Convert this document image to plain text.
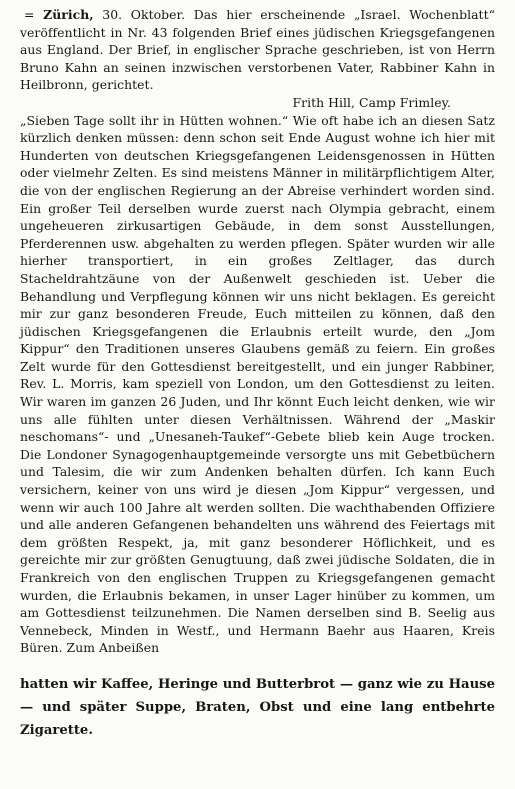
= Zürich, 30. Oktober. Das hier erscheinende „Israel. Wochenblatt“ veröffentlicht in Nr. 43 folgenden Brief eines jüdischen Kriegsgefangenen aus England. Der Brief, in englischer Sprache geschrieben, ist von Herrn Bruno Kahn an seinen inzwischen verstorbenen Vater, Rabbiner Kahn in Heilbronn, gerichtet.

Frith Hill, Camp Frimley.

„Sieben Tage sollt ihr in Hütten wohnen.“ Wie oft habe ich an diesen Satz kürzlich denken müssen: denn schon seit Ende August wohne ich hier mit Hunderten von deutschen Kriegsgefangenen Leidensgenossen in Hütten oder vielmehr Zelten. Es sind meistens Männer in militärpflichtigem Alter, die von der englischen Regierung an der Abreise verhindert worden sind. Ein großer Teil derselben wurde zuerst nach Olympia gebracht, einem ungeheueren zirkusartigen Gebäude, in dem sonst Ausstellungen, Pferderennen usw. abgehalten zu werden pflegen. Später wurden wir alle hierher transportiert, in ein großes Zeltlager, das durch Stacheldrahtzäune von der Außenwelt geschieden ist. Ueber die Behandlung und Verpflegung können wir uns nicht beklagen. Es gereicht mir zur ganz besonderen Freude, Euch mitteilen zu können, daß den jüdischen Kriegsgefangenen die Erlaubnis erteilt wurde, den „Jom Kippur“ den Traditionen unseres Glaubens gemäß zu feiern. Ein großes Zelt wurde für den Gottesdienst bereitgestellt, und ein junger Rabbiner, Rev. L. Morris, kam speziell von London, um den Gottesdienst zu leiten. Wir waren im ganzen 26 Juden, und Ihr könnt Euch leicht denken, wie wir uns alle fühlten unter diesen Verhältnissen. Während der „Maskir neschomans“- und „Unesaneh-Taukef“-Gebete blieb kein Auge trocken. Die Londoner Synagogenhauptgemeinde versorgte uns mit Gebetbüchern und Talesim, die wir zum Andenken behalten dürfen. Ich kann Euch versichern, keiner von uns wird je diesen „Jom Kippur“ vergessen, und wenn wir auch 100 Jahre alt werden sollten. Die wachthabenden Offiziere und alle anderen Gefangenen behandelten uns während des Feiertags mit dem größten Respekt, ja, mit ganz besonderer Höflichkeit, und es gereichte mir zur größten Genugtuung, daß zwei jüdische Soldaten, die in Frankreich von den englischen Truppen zu Kriegsgefangenen gemacht wurden, die Erlaubnis bekamen, in unser Lager hinüber zu kommen, um am Gottesdienst teilzunehmen. Die Namen derselben sind B. Seelig aus Vennebeck, Minden in Westf., und Hermann Baehr aus Haaren, Kreis Büren. Zum Anbeißen

hatten wir Kaffee, Heringe und Butterbrot — ganz wie zu Hause — und später Suppe, Braten, Obst und eine lang entbehrte Zigarette.
